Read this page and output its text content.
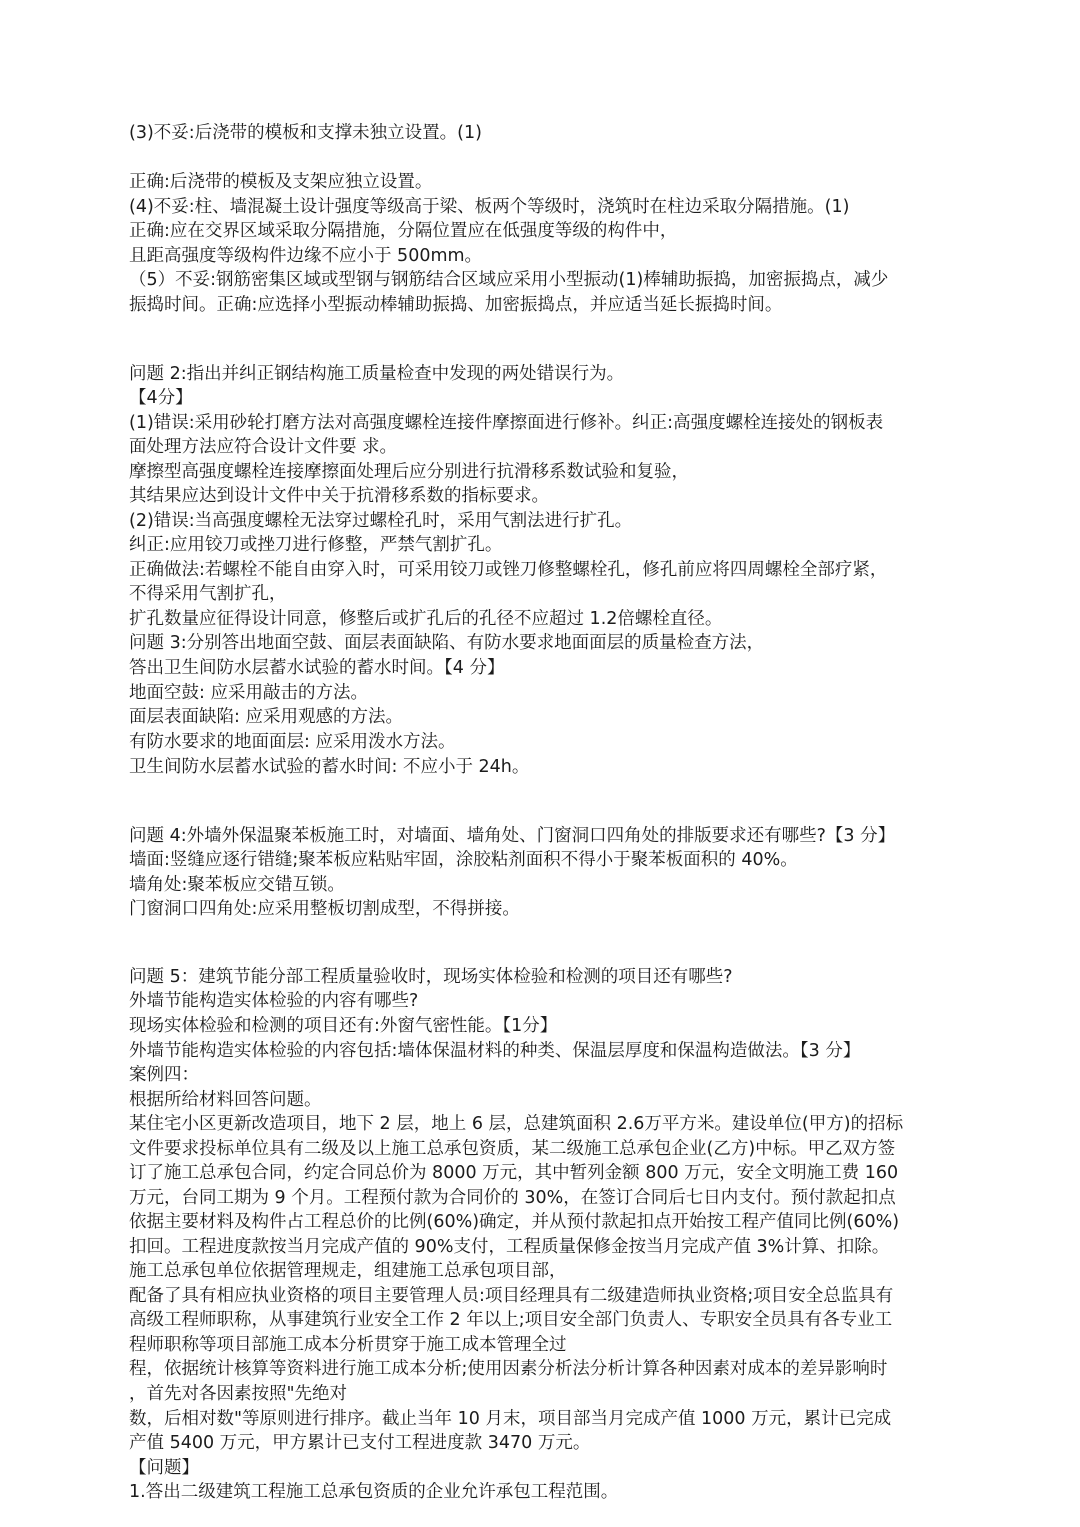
(3)不妥:后浇带的模板和支撑未独立设置。(1)

正确:后浇带的模板及支架应独立设置。

(4)不妥:柱、墙混凝土设计强度等级高于梁、板两个等级时，浇筑时在柱边采取分隔措施。(1)

正确:应在交界区域采取分隔措施，分隔位置应在低强度等级的构件中，

且距高强度等级构件边缘不应小于 500mm。

（5）不妥:钢筋密集区域或型钢与钢筋结合区域应采用小型振动(1)棒辅助振捣，加密振捣点，减少

振捣时间。正确:应选择小型振动棒辅助振捣、加密振捣点，并应适当延长振捣时间。

问题 2:指出并纠正钢结构施工质量检查中发现的两处错误行为。

【4分】

(1)错误:采用砂轮打磨方法对高强度螺栓连接件摩擦面进行修补。纠正:高强度螺栓连接处的钢板表

面处理方法应符合设计文件要 求。

摩擦型高强度螺栓连接摩擦面处理后应分别进行抗滑移系数试验和复验，

其结果应达到设计文件中关于抗滑移系数的指标要求。

(2)错误:当高强度螺栓无法穿过螺栓孔时，采用气割法进行扩孔。

纠正:应用铰刀或挫刀进行修整，严禁气割扩孔。

正确做法:若螺栓不能自由穿入时，可采用铰刀或锉刀修整螺栓孔，修孔前应将四周螺栓全部疗紧，

不得采用气割扩孔，

扩孔数量应征得设计同意，修整后或扩孔后的孔径不应超过 1.2倍螺栓直径。

问题 3:分别答出地面空鼓、面层表面缺陷、有防水要求地面面层的质量检查方法，

答出卫生间防水层蓄水试验的蓄水时间。【4 分】

地面空鼓: 应采用敲击的方法。

面层表面缺陷: 应采用观感的方法。

有防水要求的地面面层: 应采用泼水方法。

卫生间防水层蓄水试验的蓄水时间: 不应小于 24h。

问题 4:外墙外保温聚苯板施工时，对墙面、墙角处、门窗洞口四角处的排版要求还有哪些?【3 分】

墙面:竖缝应逐行错缝;聚苯板应粘贴牢固，涂胶粘剂面积不得小于聚苯板面积的 40%。

墙角处:聚苯板应交错互锁。

门窗洞口四角处:应采用整板切割成型，不得拼接。

问题 5：建筑节能分部工程质量验收时，现场实体检验和检测的项目还有哪些?

外墙节能构造实体检验的内容有哪些?

现场实体检验和检测的项目还有:外窗气密性能。【1分】

外墙节能构造实体检验的内容包括:墙体保温材料的种类、保温层厚度和保温构造做法。【3 分】

案例四：

根据所给材料回答问题。

某住宅小区更新改造项目，地下 2 层，地上 6 层，总建筑面积 2.6万平方米。建设单位(甲方)的招标

文件要求投标单位具有二级及以上施工总承包资质，某二级施工总承包企业(乙方)中标。甲乙双方签

订了施工总承包合同，约定合同总价为 8000 万元，其中暂列金额 800 万元，安全文明施工费 160

万元，台同工期为 9 个月。工程预付款为合同价的 30%，在签订合同后七日内支付。预付款起扣点

依据主要材料及构件占工程总价的比例(60%)确定，并从预付款起扣点开始按工程产值同比例(60%)

扣回。工程进度款按当月完成产值的 90%支付，工程质量保修金按当月完成产值 3%计算、扣除。

施工总承包单位依据管理规走，组建施工总承包项目部，

配备了具有相应执业资格的项目主要管理人员:项目经理具有二级建造师执业资格;项目安全总监具有

高级工程师职称，从事建筑行业安全工作 2 年以上;项目安全部门负责人、专职安全员具有各专业工

程师职称等项目部施工成本分析贯穿于施工成本管理全过

程，依据统计核算等资料进行施工成本分析;使用因素分析法分析计算各种因素对成本的差异影响时

，首先对各因素按照"先绝对

数，后相对数"等原则进行排序。截止当年 10 月末，项目部当月完成产值 1000 万元，累计已完成

产值 5400 万元，甲方累计已支付工程进度款 3470 万元。

【问题】

1.答出二级建筑工程施工总承包资质的企业允许承包工程范围。
